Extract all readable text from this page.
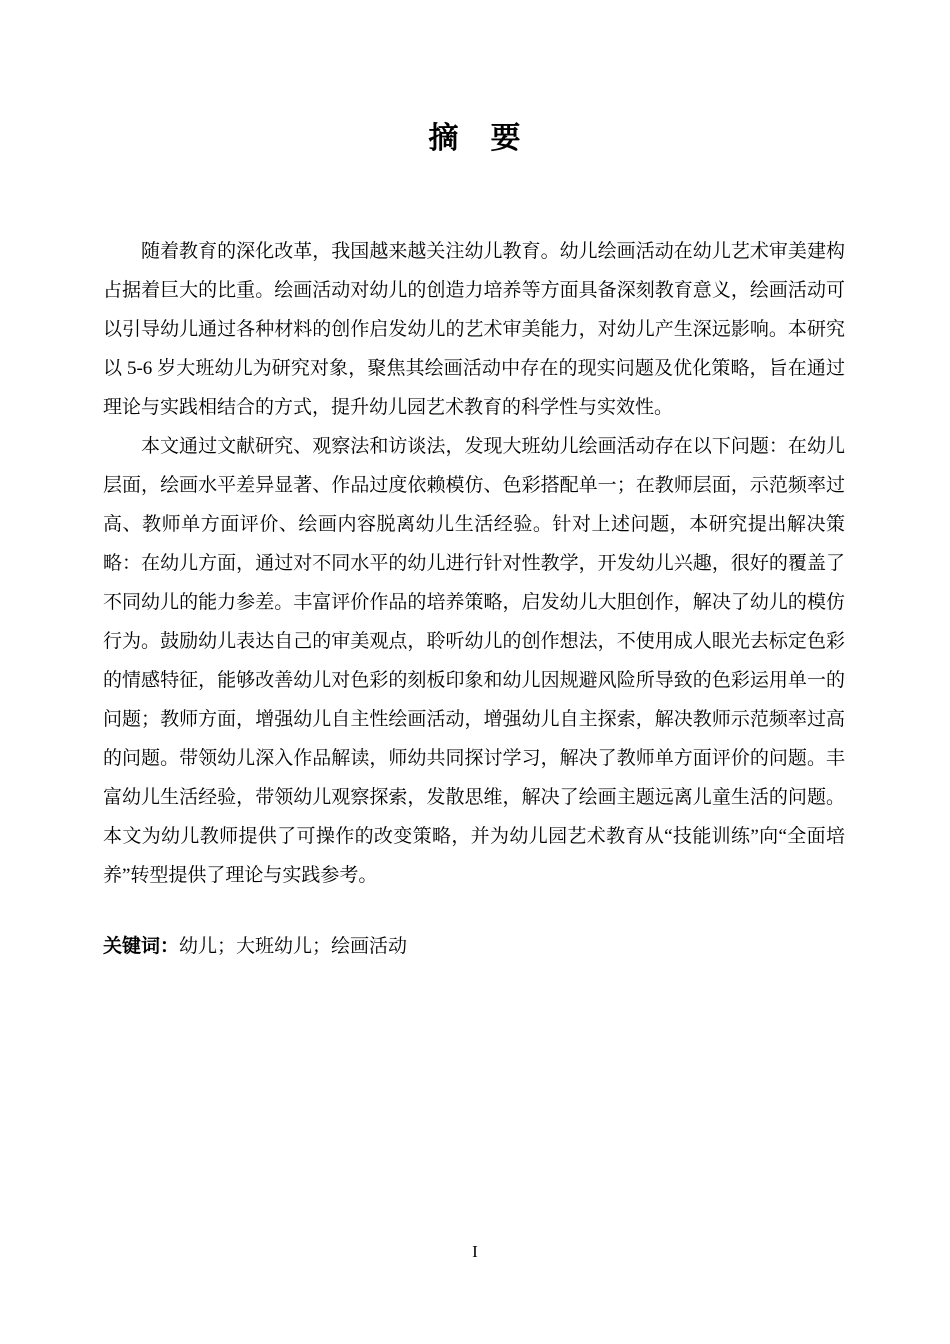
摘　要

随着教育的深化改革，我国越来越关注幼儿教育。幼儿绘画活动在幼儿艺术审美建构占据着巨大的比重。绘画活动对幼儿的创造力培养等方面具备深刻教育意义，绘画活动可以引导幼儿通过各种材料的创作启发幼儿的艺术审美能力，对幼儿产生深远影响。本研究以 5-6 岁大班幼儿为研究对象，聚焦其绘画活动中存在的现实问题及优化策略，旨在通过理论与实践相结合的方式，提升幼儿园艺术教育的科学性与实效性。

本文通过文献研究、观察法和访谈法，发现大班幼儿绘画活动存在以下问题：在幼儿层面，绘画水平差异显著、作品过度依赖模仿、色彩搭配单一；在教师层面，示范频率过高、教师单方面评价、绘画内容脱离幼儿生活经验。针对上述问题，本研究提出解决策略：在幼儿方面，通过对不同水平的幼儿进行针对性教学，开发幼儿兴趣，很好的覆盖了不同幼儿的能力参差。丰富评价作品的培养策略，启发幼儿大胆创作，解决了幼儿的模仿行为。鼓励幼儿表达自己的审美观点，聆听幼儿的创作想法，不使用成人眼光去标定色彩的情感特征，能够改善幼儿对色彩的刻板印象和幼儿因规避风险所导致的色彩运用单一的问题；教师方面，增强幼儿自主性绘画活动，增强幼儿自主探索，解决教师示范频率过高的问题。带领幼儿深入作品解读，师幼共同探讨学习，解决了教师单方面评价的问题。丰富幼儿生活经验，带领幼儿观察探索，发散思维，解决了绘画主题远离儿童生活的问题。本文为幼儿教师提供了可操作的改变策略，并为幼儿园艺术教育从“技能训练”向“全面培养”转型提供了理论与实践参考。

关键词：幼儿；大班幼儿；绘画活动

I
